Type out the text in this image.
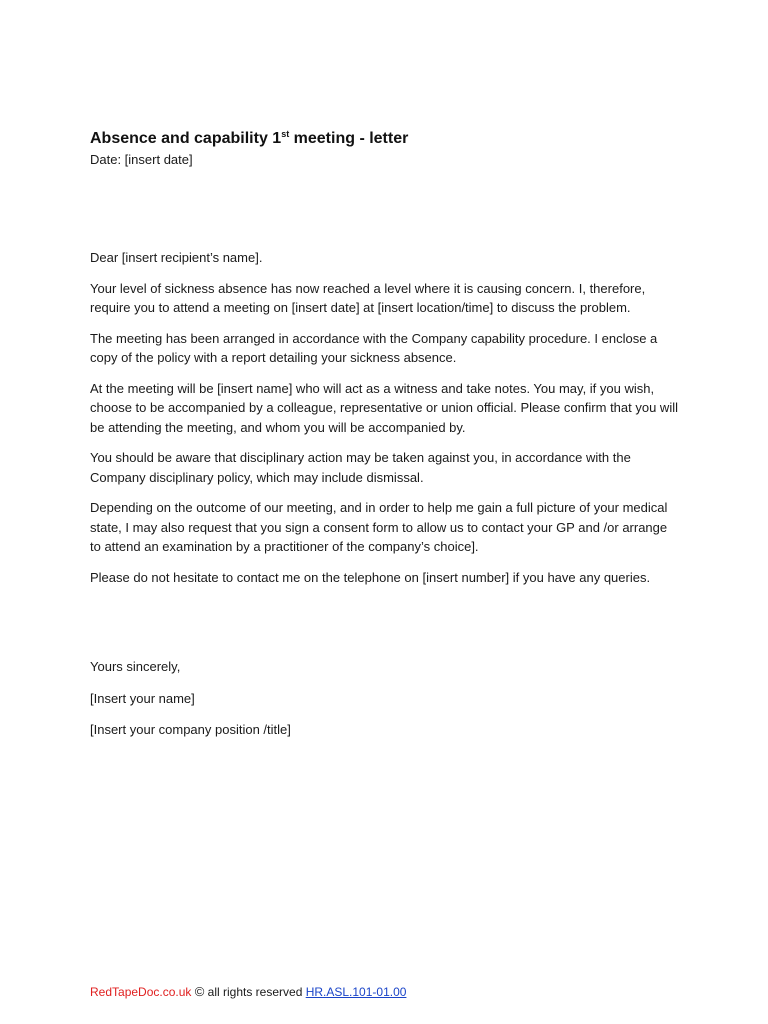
Absence and capability 1st meeting - letter

Date: [insert date]

Dear [insert recipient’s name].

Your level of sickness absence has now reached a level where it is causing concern. I, therefore, require you to attend a meeting on [insert date] at [insert location/time] to discuss the problem.

The meeting has been arranged in accordance with the Company capability procedure. I enclose a copy of the policy with a report detailing your sickness absence.

At the meeting will be [insert name] who will act as a witness and take notes. You may, if you wish, choose to be accompanied by a colleague, representative or union official. Please confirm that you will be attending the meeting, and whom you will be accompanied by.

You should be aware that disciplinary action may be taken against you, in accordance with the Company disciplinary policy, which may include dismissal.

Depending on the outcome of our meeting, and in order to help me gain a full picture of your medical state, I may also request that you sign a consent form to allow us to contact your GP and /or arrange to attend an examination by a practitioner of the company’s choice].

Please do not hesitate to contact me on the telephone on [insert number] if you have any queries.

Yours sincerely,

[Insert your name]

[Insert your company position /title]

RedTapeDoc.co.uk © all rights reserved HR.ASL.101-01.00
